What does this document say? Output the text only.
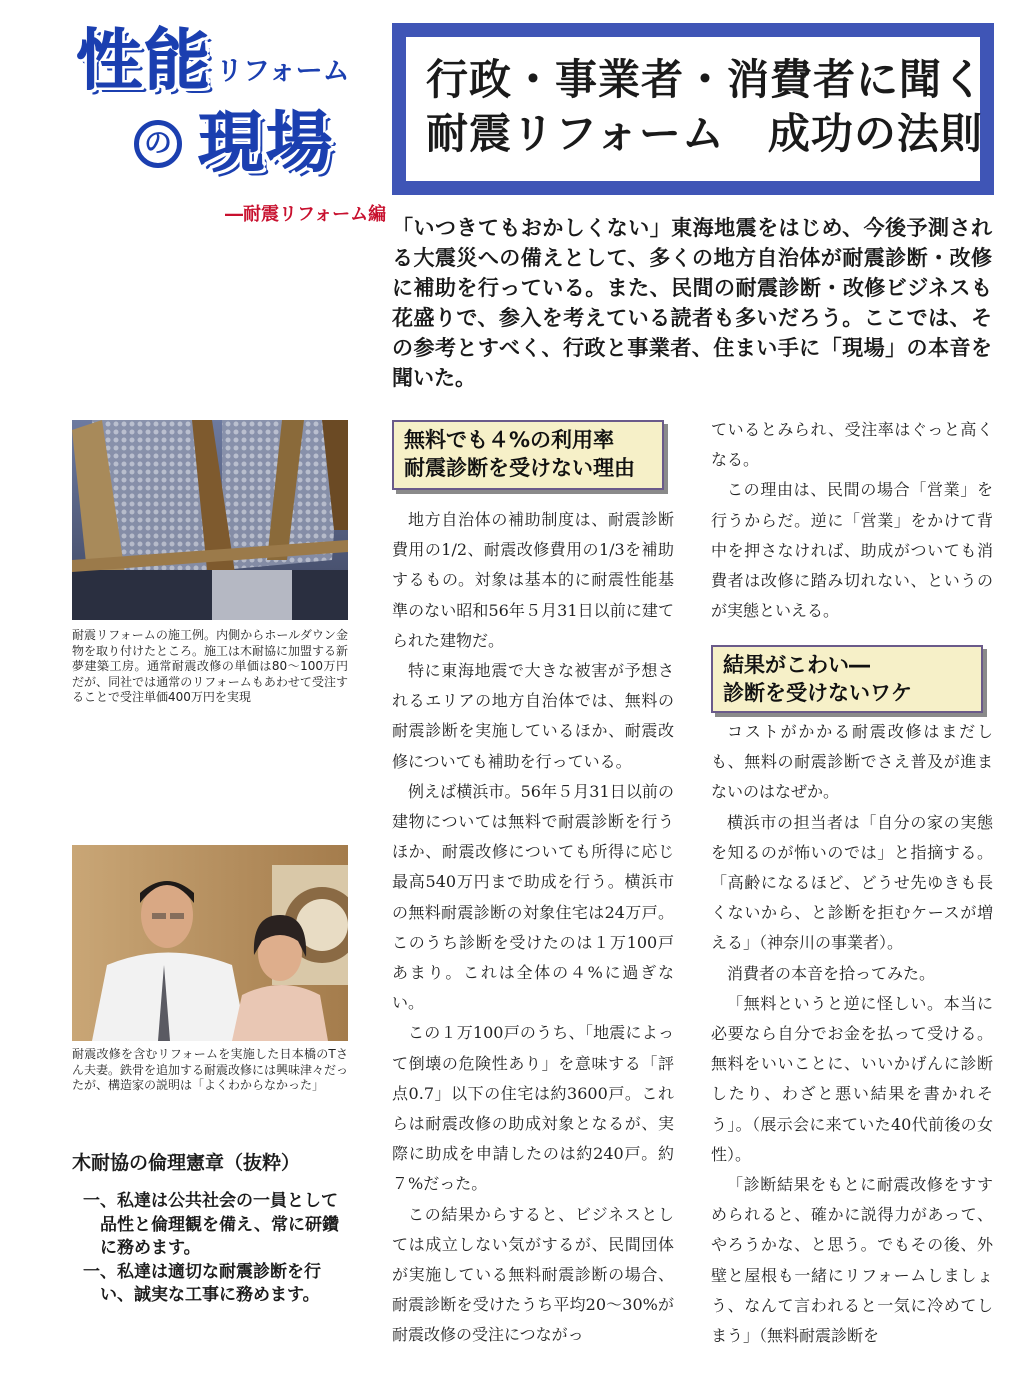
性能 リフォーム
の 現場
―耐震リフォーム編
行政・事業者・消費者に聞く
耐震リフォーム　成功の法則
「いつきてもおかしくない」東海地震をはじめ、今後予測される大震災への備えとして、多くの地方自治体が耐震診断・改修に補助を行っている。また、民間の耐震診断・改修ビジネスも花盛りで、参入を考えている読者も多いだろう。ここでは、その参考とすべく、行政と事業者、住まい手に「現場」の本音を聞いた。
耐震リフォームの施工例。内側からホールダウン金物を取り付けたところ。施工は木耐協に加盟する新夢建築工房。通常耐震改修の単価は80～100万円だが、同社では通常のリフォームもあわせて受注することで受注単価400万円を実現
耐震改修を含むリフォームを実施した日本橋のTさん夫妻。鉄骨を追加する耐震改修には興味津々だったが、構造家の説明は「よくわからなかった」
木耐協の倫理憲章（抜粋）

一、私達は公共社会の一員として品性と倫理観を備え、常に研鑽に務めます。

一、私達は適切な耐震診断を行い、誠実な工事に務めます。

無料でも４%の利用率
耐震診断を受けない理由

地方自治体の補助制度は、耐震診断費用の1/2、耐震改修費用の1/3を補助するもの。対象は基本的に耐震性能基準のない昭和56年５月31日以前に建てられた建物だ。

特に東海地震で大きな被害が予想されるエリアの地方自治体では、無料の耐震診断を実施しているほか、耐震改修についても補助を行っている。

例えば横浜市。56年５月31日以前の建物については無料で耐震診断を行うほか、耐震改修についても所得に応じ最高540万円まで助成を行う。横浜市の無料耐震診断の対象住宅は24万戸。このうち診断を受けたのは１万100戸あまり。これは全体の４%に過ぎない。

この１万100戸のうち、「地震によって倒壊の危険性あり」を意味する「評点0.7」以下の住宅は約3600戸。これらは耐震改修の助成対象となるが、実際に助成を申請したのは約240戸。約７%だった。

この結果からすると、ビジネスとしては成立しない気がするが、民間団体が実施している無料耐震診断の場合、耐震診断を受けたうち平均20～30%が耐震改修の受注につながっ

ているとみられ、受注率はぐっと高くなる。

この理由は、民間の場合「営業」を行うからだ。逆に「営業」をかけて背中を押さなければ、助成がついても消費者は改修に踏み切れない、というのが実態といえる。

結果がこわい―
診断を受けないワケ

コストがかかる耐震改修はまだしも、無料の耐震診断でさえ普及が進まないのはなぜか。

横浜市の担当者は「自分の家の実態を知るのが怖いのでは」と指摘する。「高齢になるほど、どうせ先ゆきも長くないから、と診断を拒むケースが増える」（神奈川の事業者）。

消費者の本音を拾ってみた。

「無料というと逆に怪しい。本当に必要なら自分でお金を払って受ける。無料をいいことに、いいかげんに診断したり、わざと悪い結果を書かれそう」。（展示会に来ていた40代前後の女性）。

「診断結果をもとに耐震改修をすすめられると、確かに説得力があって、やろうかな、と思う。でもその後、外壁と屋根も一緒にリフォームしましょう、なんて言われると一気に冷めてしまう」（無料耐震診断を
